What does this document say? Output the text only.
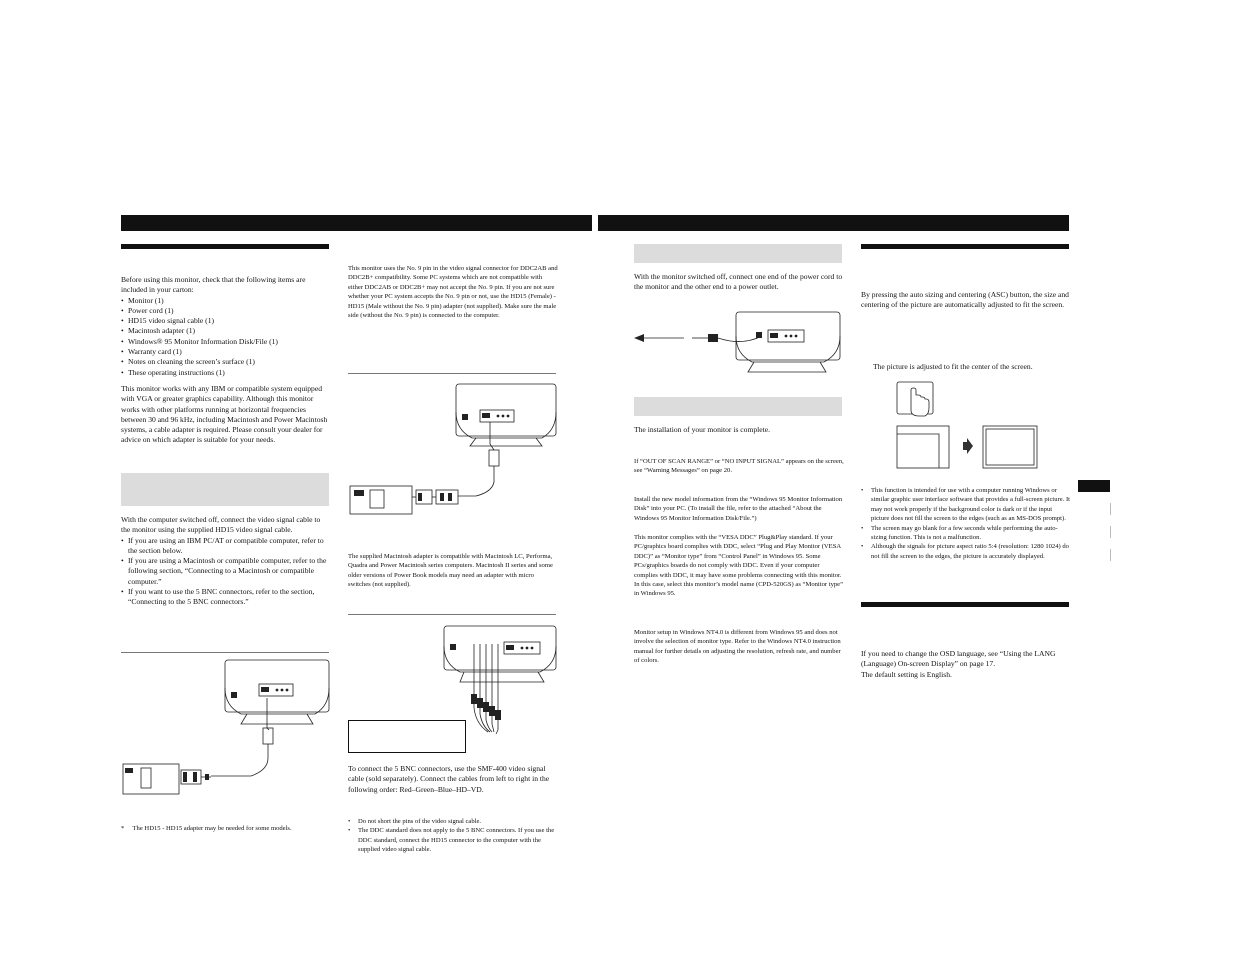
Before using this monitor, check that the following items are included in your carton:

• Monitor (1)
• Power cord (1)
• HD15 video signal cable (1)
• Macintosh adapter (1)
• Windows® 95 Monitor Information Disk/File (1)
• Warranty card (1)
• Notes on cleaning the screen’s surface (1)
• These operating instructions (1)
This monitor works with any IBM or compatible system equipped with VGA or greater graphics capability. Although this monitor works with other platforms running at horizontal frequencies between 30 and 96 kHz, including Macintosh and Power Macintosh systems, a cable adapter is required. Please consult your dealer for advice on which adapter is suitable for your needs.

With the computer switched off, connect the video signal cable to the monitor using the supplied HD15 video signal cable.

• If you are using an IBM PC/AT or compatible computer, refer to the section below.
• If you are using a Macintosh or compatible computer, refer to the following section, “Connecting to a Macintosh or compatible computer.”
• If you want to use the 5 BNC connectors, refer to the section, “Connecting to the 5 BNC connectors.”
* The HD15 - HD15 adapter may be needed for some models.
This monitor uses the No. 9 pin in the video signal connector for DDC2AB and DDC2B+ compatibility. Some PC systems which are not compatible with either DDC2AB or DDC2B+ may not accept the No. 9 pin. If you are not sure whether your PC system accepts the No. 9 pin or not, use the HD15 (Female) - HD15 (Male without the No. 9 pin) adapter (not supplied). Make sure the male side (without the No. 9 pin) is connected to the computer.
The supplied Macintosh adapter is compatible with Macintosh LC, Performa, Quadra and Power Macintosh series computers. Macintosh II series and some older versions of Power Book models may need an adapter with micro switches (not supplied).
To connect the 5 BNC connectors, use the SMF-400 video signal cable (sold separately). Connect the cables from left to right in the following order: Red–Green–Blue–HD–VD.
• Do not short the pins of the video signal cable.
• The DDC standard does not apply to the 5 BNC connectors. If you use the DDC standard, connect the HD15 connector to the computer with the supplied video signal cable.
With the monitor switched off, connect one end of the power cord to the monitor and the other end to a power outlet.
The installation of your monitor is complete.
If “OUT OF SCAN RANGE” or “NO INPUT SIGNAL” appears on the screen, see “Warning Messages” on page 20.
Install the new model information from the “Windows 95 Monitor Information Disk” into your PC. (To install the file, refer to the attached “About the Windows 95 Monitor Information Disk/File.”)
This monitor complies with the “VESA DDC” Plug&Play standard. If your PC/graphics board complies with DDC, select “Plug and Play Monitor (VESA DDC)” as “Monitor type” from “Control Panel” in Windows 95. Some PCs/graphics boards do not comply with DDC. Even if your computer complies with DDC, it may have some problems connecting with this monitor. In this case, select this monitor’s model name (CPD-520GS) as “Monitor type” in Windows 95.
Monitor setup in Windows NT4.0 is different from Windows 95 and does not involve the selection of monitor type. Refer to the Windows NT4.0 instruction manual for further details on adjusting the resolution, refresh rate, and number of colors.
By pressing the auto sizing and centering (ASC) button, the size and centering of the picture are automatically adjusted to fit the screen.
The picture is adjusted to fit the center of the screen.
• This function is intended for use with a computer running Windows or similar graphic user interface software that provides a full-screen picture. It may not work properly if the background color is dark or if the input picture does not fill the screen to the edges (such as an MS-DOS prompt).
• The screen may go blank for a few seconds while performing the auto-sizing function. This is not a malfunction.
• Although the signals for picture aspect ratio 5:4 (resolution: 1280 1024) do not fill the screen to the edges, the picture is accurately displayed.

If you need to change the OSD language, see “Using the LANG (Language) On-screen Display” on page 17.

The default setting is English.
